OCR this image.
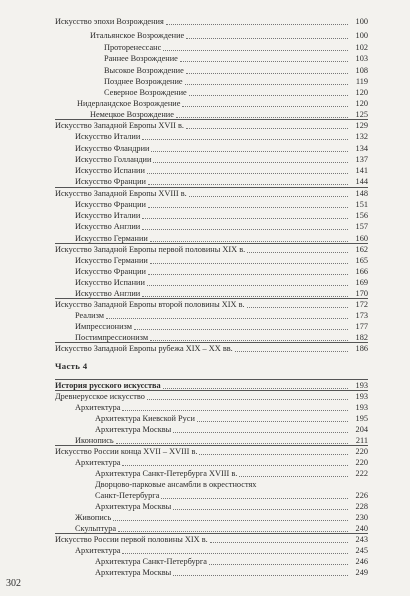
Искусство эпохи Возрождения	100
Итальянское Возрождение	100
Проторенессанс	102
Раннее Возрождение	103
Высокое Возрождение	108
Позднее Возрождение	119
Северное Возрождение	120
Нидерландское Возрождение	120
Немецкое Возрождение	125
Искусство Западной Европы XVII в.	129
Искусство Италии	132
Искусство Фландрии	134
Искусство Голландии	137
Искусство Испании	141
Искусство Франции	144
Искусство Западной Европы XVIII в.	148
Искусство Франции	151
Искусство Италии	156
Искусство Англии	157
Искусство Германии	160
Искусство Западной Европы первой половины XIX в.	162
Искусство Германии	165
Искусство Франции	166
Искусство Испании	169
Искусство Англии	170
Искусство Западной Европы второй половины XIX в.	172
Реализм	173
Импрессионизм	177
Постимпрессионизм	182
Искусство Западной Европы рубежа XIX – XX вв.	186
История русского искусства	193
Древнерусское искусство	193
Архитектура	193
Архитектура Киевской Руси	195
Архитектура Москвы	204
Иконопись	211
Искусство России конца XVII – XVIII в.	220
Архитектура	220
Архитектура Санкт-Петербурга XVIII в.	222
Дворцово-парковые ансамбли в окрестностях
Санкт-Петербурга	226
Архитектура Москвы	228
Живопись	230
Скульптура	240
Искусство России первой половины XIX в.	243
Архитектура	245
Архитектура Санкт-Петербурга	246
Архитектура Москвы	249
Часть 4
302
